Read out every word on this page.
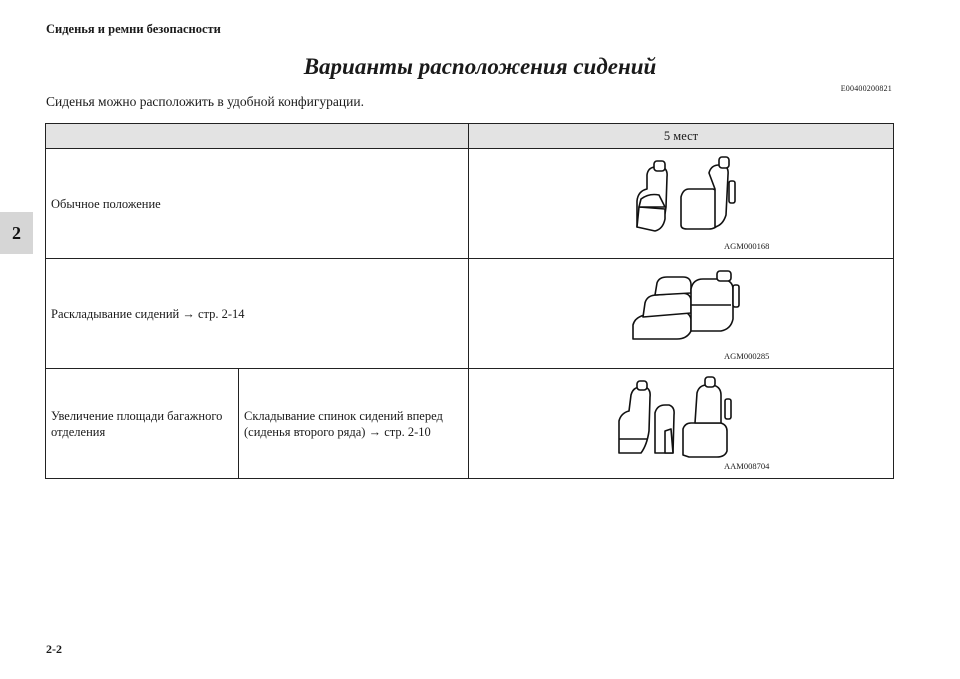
Сиденья и ремни безопасности
2
Варианты расположения сидений
E00400200821
Сиденья можно расположить в удобной конфигурации.
		5 мест

Обычное положение		AGM000168

Раскладывание сидений → стр. 2-14		AGM000285

Увеличение площади багажного отделения	Складывание спинок сидений вперед (сиденья второго ряда) → стр. 2-10	AAM008704
2-2
